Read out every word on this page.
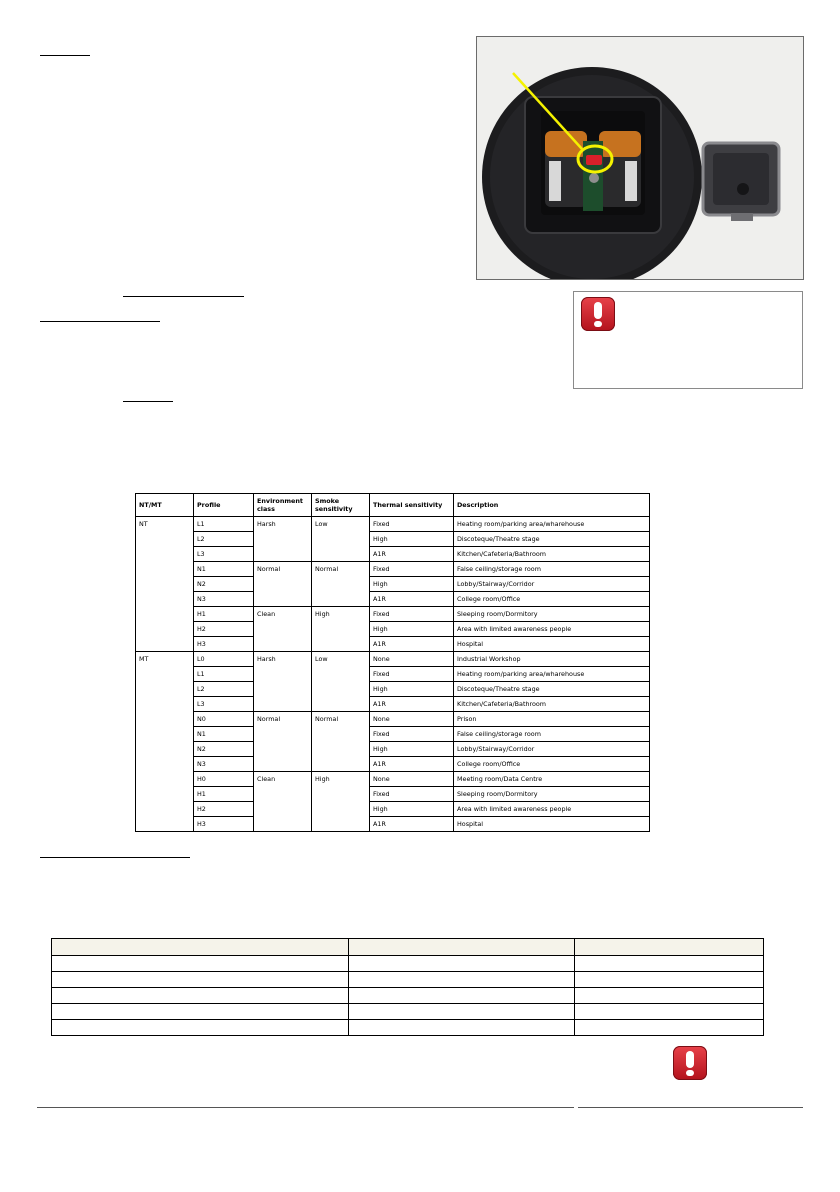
NT/MT	Profile	Environment class	Smoke sensitivity	Thermal sensitivity	Description
NT	L1	Harsh	Low	Fixed	Heating room/parking area/wharehouse
	L2			High	Discoteque/Theatre stage
	L3			A1R	Kitchen/Cafeteria/Bathroom
	N1	Normal	Normal	Fixed	False ceiling/storage room
	N2			High	Lobby/Stairway/Corridor
	N3			A1R	College room/Office
	H1	Clean	High	Fixed	Sleeping room/Dormitory
	H2			High	Area with limited awareness people
	H3			A1R	Hospital
MT	L0	Harsh	Low	None	Industrial Workshop
	L1			Fixed	Heating room/parking area/wharehouse
	L2			High	Discoteque/Theatre stage
	L3			A1R	Kitchen/Cafeteria/Bathroom
	N0	Normal	Normal	None	Prison
	N1			Fixed	False ceiling/storage room
	N2			High	Lobby/Stairway/Corridor
	N3			A1R	College room/Office
	H0	Clean	High	None	Meeting room/Data Centre
	H1			Fixed	Sleeping room/Dormitory
	H2			High	Area with limited awareness people
	H3			A1R	Hospital
